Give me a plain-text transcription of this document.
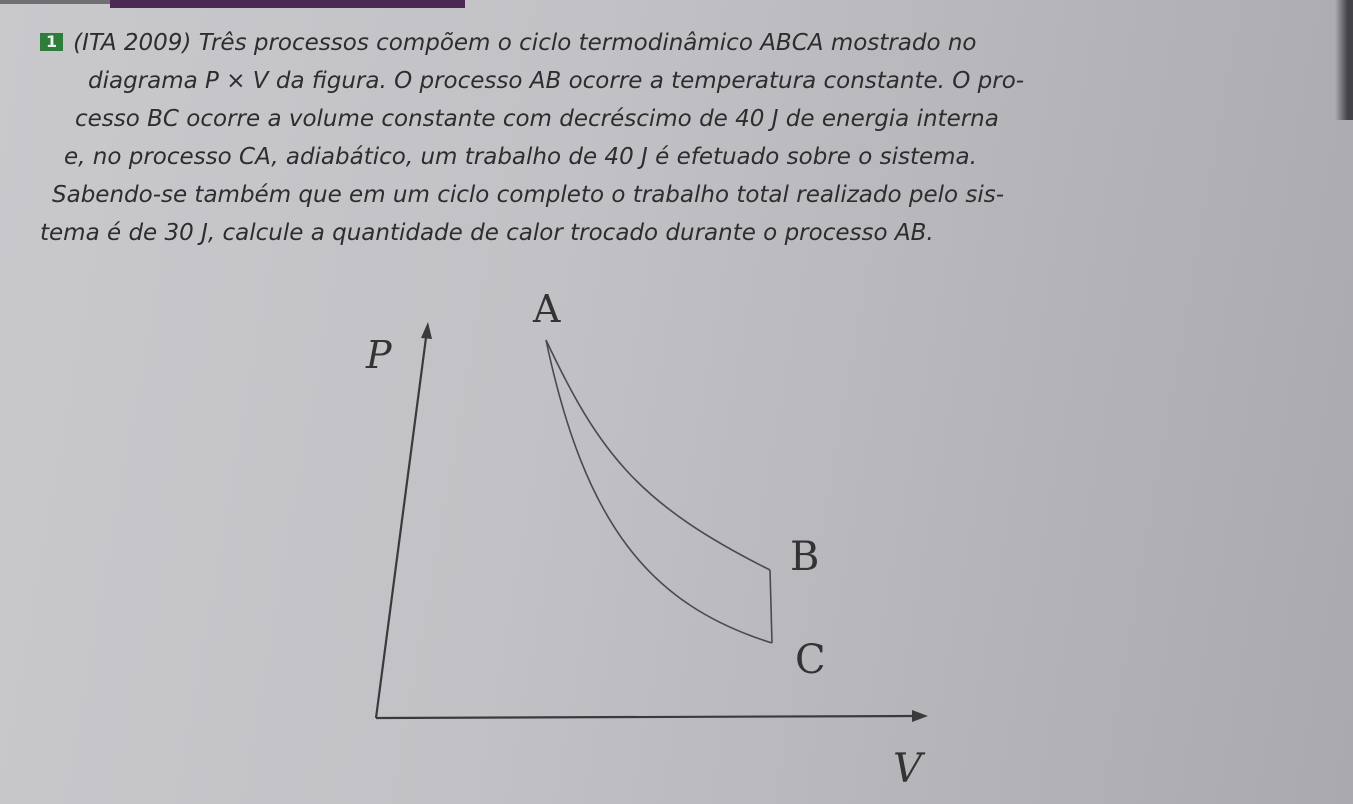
1 (ITA 2009) Três processos compõem o ciclo termodinâmico ABCA mostrado no
diagrama P × V da figura. O processo AB ocorre a temperatura constante. O pro-
cesso BC ocorre a volume constante com decréscimo de 40 J de energia interna
e, no processo CA, adiabático, um trabalho de 40 J é efetuado sobre o sistema.
Sabendo-se também que em um ciclo completo o trabalho total realizado pelo sis-
tema é de 30 J, calcule a quantidade de calor trocado durante o processo AB.
P
V
A
B
C
